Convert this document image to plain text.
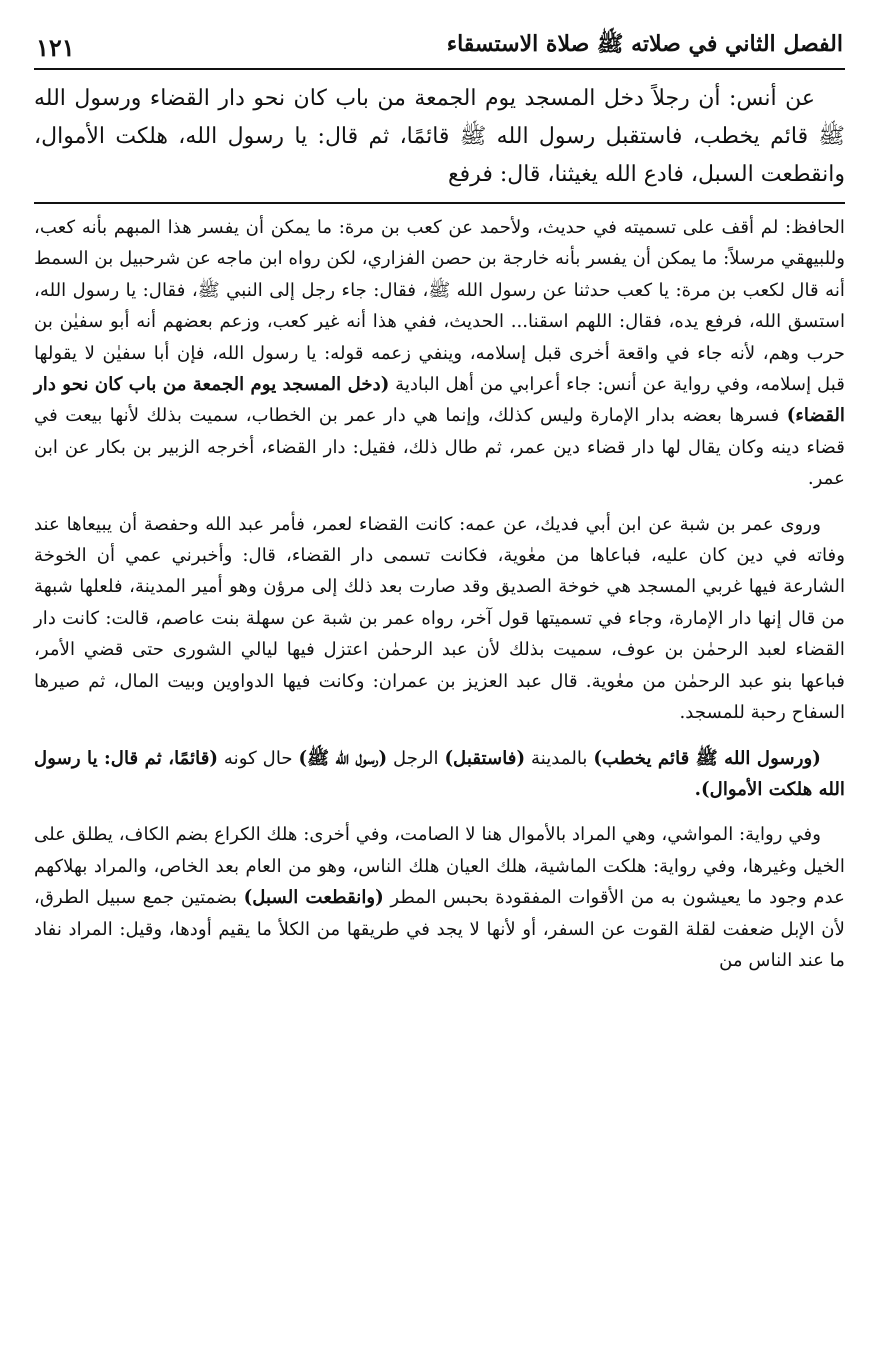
الفصل الثاني في صلاته ﷺ صلاة الاستسقاء
١٢١

عن أنس: أن رجلاً دخل المسجد يوم الجمعة من باب كان نحو دار القضاء ورسول الله ﷺ قائم يخطب، فاستقبل رسول الله ﷺ قائمًا، ثم قال: يا رسول الله، هلكت الأموال، وانقطعت السبل، فادع الله يغيثنا، قال: فرفع

الحافظ: لم أقف على تسميته في حديث، ولأحمد عن كعب بن مرة: ما يمكن أن يفسر هذا المبهم بأنه كعب، وللبيهقي مرسلاً: ما يمكن أن يفسر بأنه خارجة بن حصن الفزاري، لكن رواه ابن ماجه عن شرحبيل بن السمط أنه قال لكعب بن مرة: يا كعب حدثنا عن رسول الله ﷺ، فقال: جاء رجل إلى النبي ﷺ، فقال: يا رسول الله، استسق الله، فرفع يده، فقال: اللهم اسقنا... الحديث، ففي هذا أنه غير كعب، وزعم بعضهم أنه أبو سفيٰن بن حرب وهم، لأنه جاء في واقعة أخرى قبل إسلامه، وينفي زعمه قوله: يا رسول الله، فإن أبا سفيٰن لا يقولها قبل إسلامه، وفي رواية عن أنس: جاء أعرابي من أهل البادية (دخل المسجد يوم الجمعة من باب كان نحو دار القضاء) فسرها بعضه بدار الإمارة وليس كذلك، وإنما هي دار عمر بن الخطاب، سميت بذلك لأنها بيعت في قضاء دينه وكان يقال لها دار قضاء دين عمر، ثم طال ذلك، فقيل: دار القضاء، أخرجه الزبير بن بكار عن ابن عمر.

وروى عمر بن شبة عن ابن أبي فديك، عن عمه: كانت القضاء لعمر، فأمر عبد الله وحفصة أن يبيعاها عند وفاته في دين كان عليه، فباعاها من معٰوية، فكانت تسمى دار القضاء، قال: وأخبرني عمي أن الخوخة الشارعة فيها غربي المسجد هي خوخة الصديق وقد صارت بعد ذلك إلى مرؤن وهو أمير المدينة، فلعلها شبهة من قال إنها دار الإمارة، وجاء في تسميتها قول آخر، رواه عمر بن شبة عن سهلة بنت عاصم، قالت: كانت دار القضاء لعبد الرحمٰن بن عوف، سميت بذلك لأن عبد الرحمٰن اعتزل فيها ليالي الشورى حتى قضي الأمر، فباعها بنو عبد الرحمٰن من معٰوية. قال عبد العزيز بن عمران: وكانت فيها الدواوين وبيت المال، ثم صيرها السفاح رحبة للمسجد.

(ورسول الله ﷺ قائم يخطب) بالمدينة (فاستقبل) الرجل (رسول الله ﷺ) حال كونه (قائمًا، ثم قال: يا رسول الله هلكت الأموال).

وفي رواية: المواشي، وهي المراد بالأموال هنا لا الصامت، وفي أخرى: هلك الكراع بضم الكاف، يطلق على الخيل وغيرها، وفي رواية: هلكت الماشية، هلك العيان هلك الناس، وهو من العام بعد الخاص، والمراد بهلاكهم عدم وجود ما يعيشون به من الأقوات المفقودة بحبس المطر (وانقطعت السبل) بضمتين جمع سبيل الطرق، لأن الإبل ضعفت لقلة القوت عن السفر، أو لأنها لا يجد في طريقها من الكلأ ما يقيم أودها، وقيل: المراد نفاد ما عند الناس من
